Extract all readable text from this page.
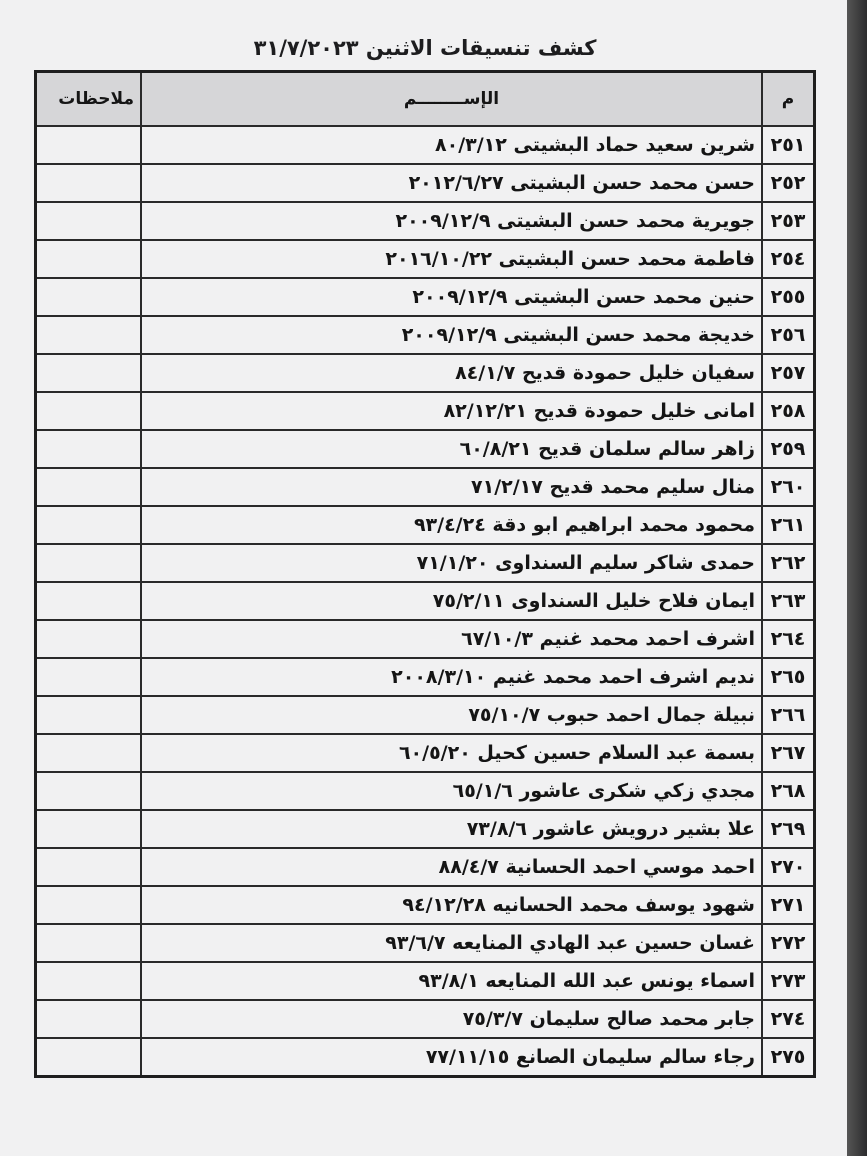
كشف تنسيقات الاثنين ٣١/٧/٢٠٢٣
م	الإســــــــم	ملاحظات
٢٥١	شرين سعيد حماد البشيتى ٨٠/٣/١٢	
٢٥٢	حسن محمد حسن البشيتى ٢٠١٢/٦/٢٧	
٢٥٣	جويرية محمد حسن البشيتى ٢٠٠٩/١٢/٩	
٢٥٤	فاطمة محمد حسن البشيتى ٢٠١٦/١٠/٢٢	
٢٥٥	حنين محمد حسن البشيتى ٢٠٠٩/١٢/٩	
٢٥٦	خديجة محمد حسن البشيتى ٢٠٠٩/١٢/٩	
٢٥٧	سفيان خليل حمودة قديح ٨٤/١/٧	
٢٥٨	امانى خليل حمودة قديح ٨٢/١٢/٢١	
٢٥٩	زاهر سالم سلمان قديح ٦٠/٨/٢١	
٢٦٠	منال سليم محمد قديح ٧١/٢/١٧	
٢٦١	محمود محمد ابراهيم ابو دقة ٩٣/٤/٢٤	
٢٦٢	حمدى شاكر سليم السنداوى ٧١/١/٢٠	
٢٦٣	ايمان فلاح خليل السنداوى ٧٥/٢/١١	
٢٦٤	اشرف احمد محمد غنيم ٦٧/١٠/٣	
٢٦٥	نديم اشرف احمد محمد غنيم ٢٠٠٨/٣/١٠	
٢٦٦	نبيلة جمال احمد حبوب ٧٥/١٠/٧	
٢٦٧	بسمة عبد السلام حسين كحيل ٦٠/٥/٢٠	
٢٦٨	مجدي زكي شكرى عاشور ٦٥/١/٦	
٢٦٩	علا بشير درويش عاشور ٧٣/٨/٦	
٢٧٠	احمد موسي احمد الحسانية ٨٨/٤/٧	
٢٧١	شهود يوسف محمد الحسانيه ٩٤/١٢/٢٨	
٢٧٢	غسان حسين عبد الهادي المنايعه ٩٣/٦/٧	
٢٧٣	اسماء يونس عبد الله المنايعه ٩٣/٨/١	
٢٧٤	جابر محمد صالح سليمان ٧٥/٣/٧	
٢٧٥	رجاء سالم سليمان الصانع ٧٧/١١/١٥	
